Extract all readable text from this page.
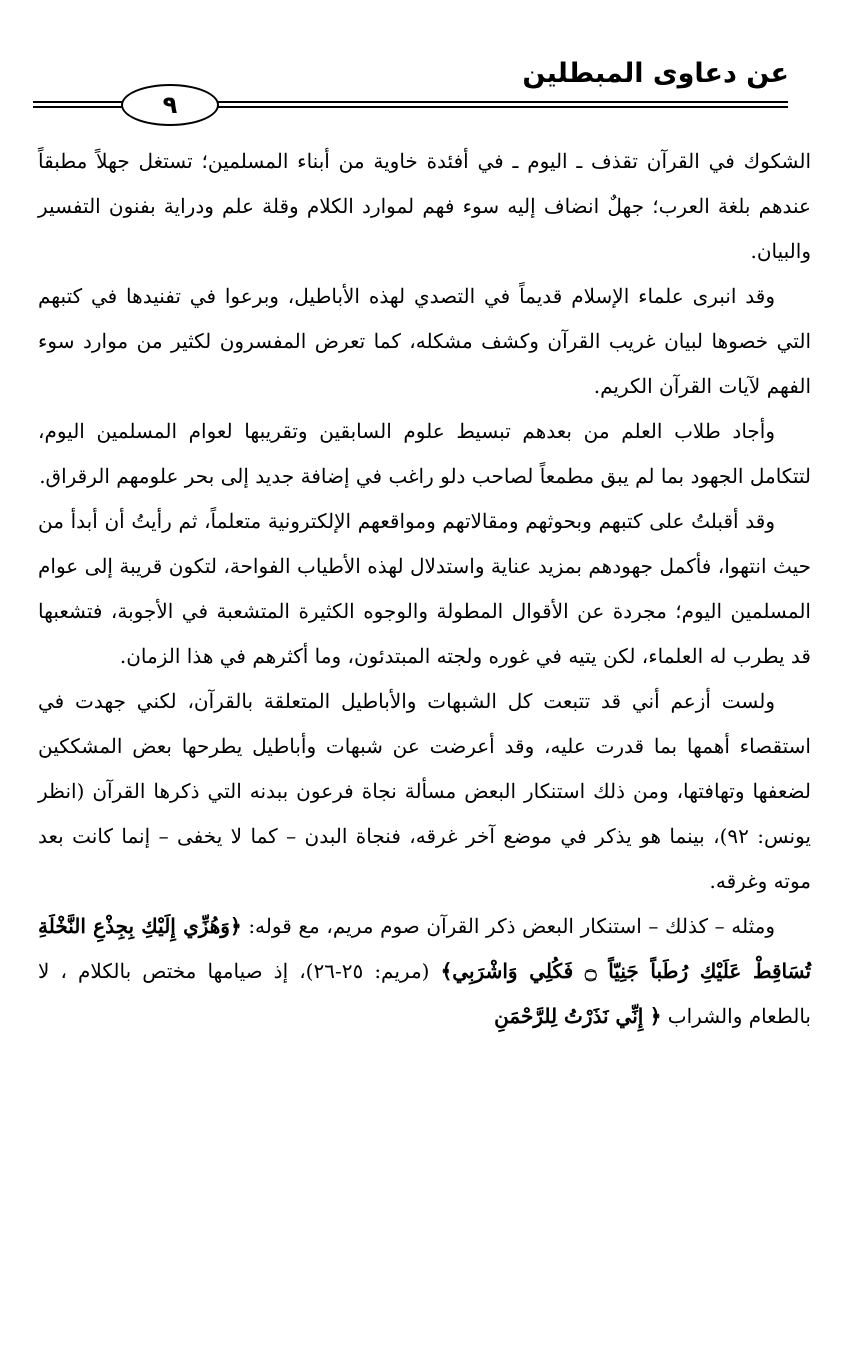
عن دعاوى المبطلين
٩

الشكوك في القرآن تقذف ـ اليوم ـ في أفئدة خاوية من أبناء المسلمين؛ تستغل جهلاً مطبقاً عندهم بلغة العرب؛ جهلٌ انضاف إليه سوء فهم لموارد الكلام وقلة علم ودراية بفنون التفسير والبيان.

وقد انبرى علماء الإسلام قديماً في التصدي لهذه الأباطيل، وبرعوا في تفنيدها في كتبهم التي خصوها لبيان غريب القرآن وكشف مشكله، كما تعرض المفسرون لكثير من موارد سوء الفهم لآيات القرآن الكريم.

وأجاد طلاب العلم من بعدهم تبسيط علوم السابقين وتقريبها لعوام المسلمين اليوم، لتتكامل الجهود بما لم يبق مطمعاً لصاحب دلو راغب في إضافة جديد إلى بحر علومهم الرقراق.

وقد أقبلتُ على كتبهم وبحوثهم ومقالاتهم ومواقعهم الإلكترونية متعلماً، ثم رأيتُ أن أبدأ من حيث انتهوا، فأكمل جهودهم بمزيد عناية واستدلال لهذه الأطياب الفواحة، لتكون قريبة إلى عوام المسلمين اليوم؛ مجردة عن الأقوال المطولة والوجوه الكثيرة المتشعبة في الأجوبة، فتشعبها قد يطرب له العلماء، لكن يتيه في غوره ولجته المبتدئون، وما أكثرهم في هذا الزمان.

ولست أزعم أني قد تتبعت كل الشبهات والأباطيل المتعلقة بالقرآن، لكني جهدت في استقصاء أهمها بما قدرت عليه، وقد أعرضت عن شبهات وأباطيل يطرحها بعض المشككين لضعفها وتهافتها، ومن ذلك استنكار البعض مسألة نجاة فرعون ببدنه التي ذكرها القرآن (انظر يونس: ٩٢)، بينما هو يذكر في موضع آخر غرقه، فنجاة البدن – كما لا يخفى – إنما كانت بعد موته وغرقه.

ومثله – كذلك – استنكار البعض ذكر القرآن صوم مريم، مع قوله: ﴿وَهُزِّي إِلَيْكِ بِجِذْعِ النَّخْلَةِ تُسَاقِطْ عَلَيْكِ رُطَباً جَنِيّاً ۝ فَكُلِي وَاشْرَبِي﴾ (مريم: ٢٥-٢٦)، إذ صيامها مختص بالكلام ، لا بالطعام والشراب ﴿ إِنِّي نَذَرْتُ لِلرَّحْمَنِ
